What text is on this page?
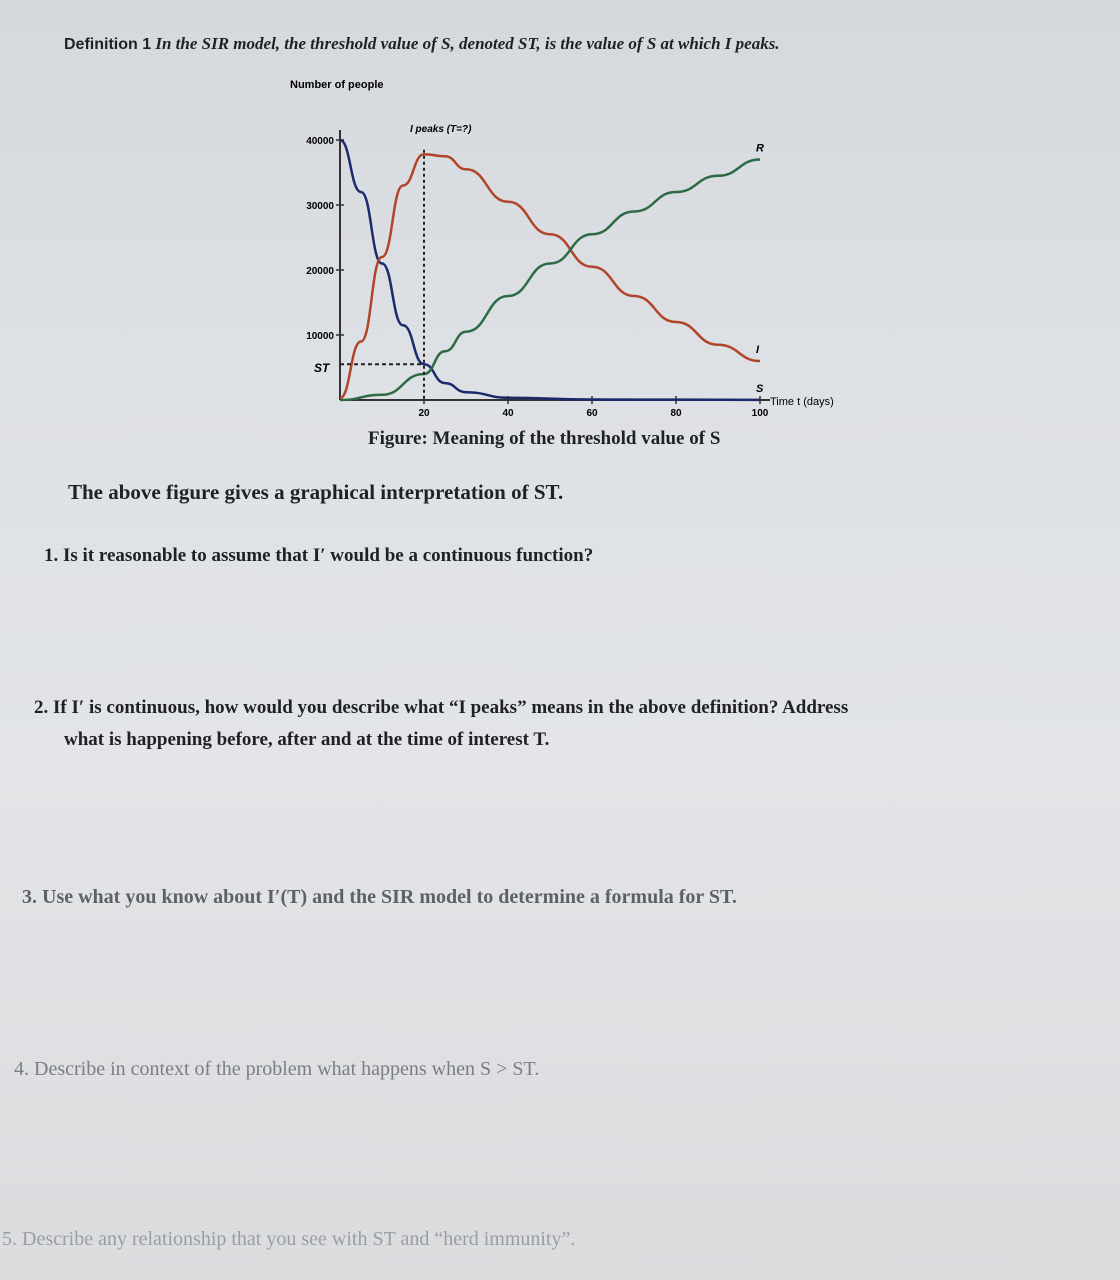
Definition 1 In the SIR model, the threshold value of S, denoted ST, is the value of S at which I peaks.
Number of people
Time t (days)
I peaks (T=?)
ST
40000
30000
20000
10000
20	40	60	80	100
S
I
R
Figure: Meaning of the threshold value of S
The above figure gives a graphical interpretation of ST.
1. Is it reasonable to assume that I′ would be a continuous function?
2. If I′ is continuous, how would you describe what “I peaks” means in the above definition? Address
what is happening before, after and at the time of interest T.
3. Use what you know about I′(T) and the SIR model to determine a formula for ST.
4. Describe in context of the problem what happens when S > ST.
5. Describe any relationship that you see with ST and “herd immunity”.
